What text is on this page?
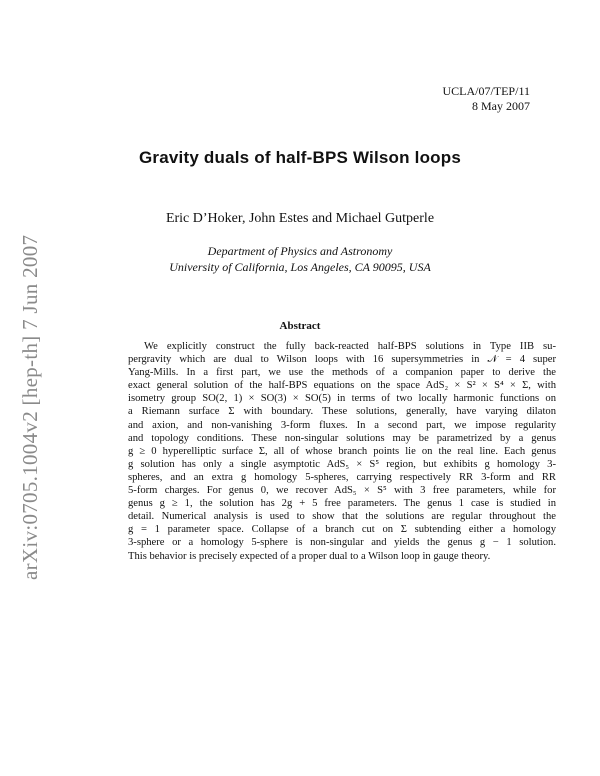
arXiv:0705.1004v2 [hep-th] 7 Jun 2007
UCLA/07/TEP/11
8 May 2007
Gravity duals of half-BPS Wilson loops
Eric D’Hoker, John Estes and Michael Gutperle
Department of Physics and Astronomy
University of California, Los Angeles, CA 90095, USA
Abstract
We explicitly construct the fully back-reacted half-BPS solutions in Type IIB su-
pergravity which are dual to Wilson loops with 16 supersymmetries in 𝒩 = 4 super
Yang-Mills. In a first part, we use the methods of a companion paper to derive the
exact general solution of the half-BPS equations on the space AdS₂ × S² × S⁴ × Σ, with
isometry group SO(2, 1) × SO(3) × SO(5) in terms of two locally harmonic functions on
a Riemann surface Σ with boundary. These solutions, generally, have varying dilaton
and axion, and non-vanishing 3-form fluxes. In a second part, we impose regularity
and topology conditions. These non-singular solutions may be parametrized by a genus
g ≥ 0 hyperelliptic surface Σ, all of whose branch points lie on the real line. Each genus
g solution has only a single asymptotic AdS₅ × S⁵ region, but exhibits g homology 3-
spheres, and an extra g homology 5-spheres, carrying respectively RR 3-form and RR
5-form charges. For genus 0, we recover AdS₅ × S⁵ with 3 free parameters, while for
genus g ≥ 1, the solution has 2g + 5 free parameters. The genus 1 case is studied in
detail. Numerical analysis is used to show that the solutions are regular throughout the
g = 1 parameter space. Collapse of a branch cut on Σ subtending either a homology
3-sphere or a homology 5-sphere is non-singular and yields the genus g − 1 solution.
This behavior is precisely expected of a proper dual to a Wilson loop in gauge theory.
